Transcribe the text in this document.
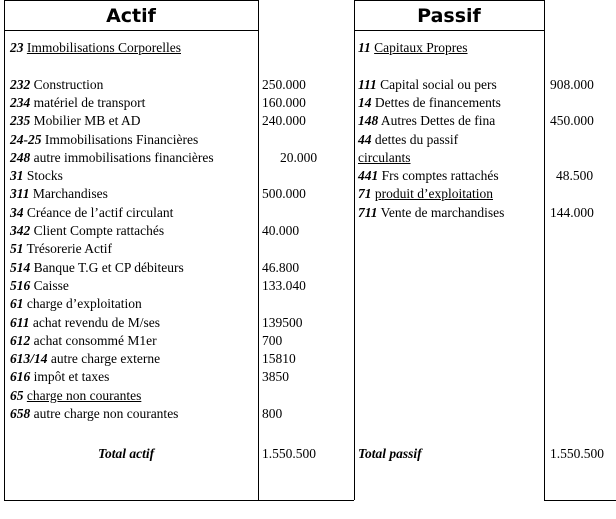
Actif	Passif
23 Immobilisations Corporelles
232 Construction	250.000
234 matériel de transport	160.000
235 Mobilier MB et AD	240.000
24-25 Immobilisations Financières
248 autre immobilisations financières	20.000
31 Stocks
311 Marchandises	500.000
34 Créance de l’actif circulant
342 Client Compte rattachés	40.000
51 Trésorerie Actif
514 Banque T.G et CP débiteurs	46.800
516 Caisse	133.040
61 charge d’exploitation
611 achat revendu de M/ses	139500
612 achat consommé M1er	700
613/14 autre charge externe	15810
616 impôt et taxes	3850
65 charge non courantes
658 autre charge non courantes	800
11 Capitaux Propres
111 Capital social ou pers	908.000
14 Dettes de financements
148 Autres Dettes de fina	450.000
44 dettes du passif
circulants
441 Frs comptes rattachés	48.500
71 produit d’exploitation
711 Vente de marchandises	144.000
Total actif	1.550.500	Total passif	1.550.500
